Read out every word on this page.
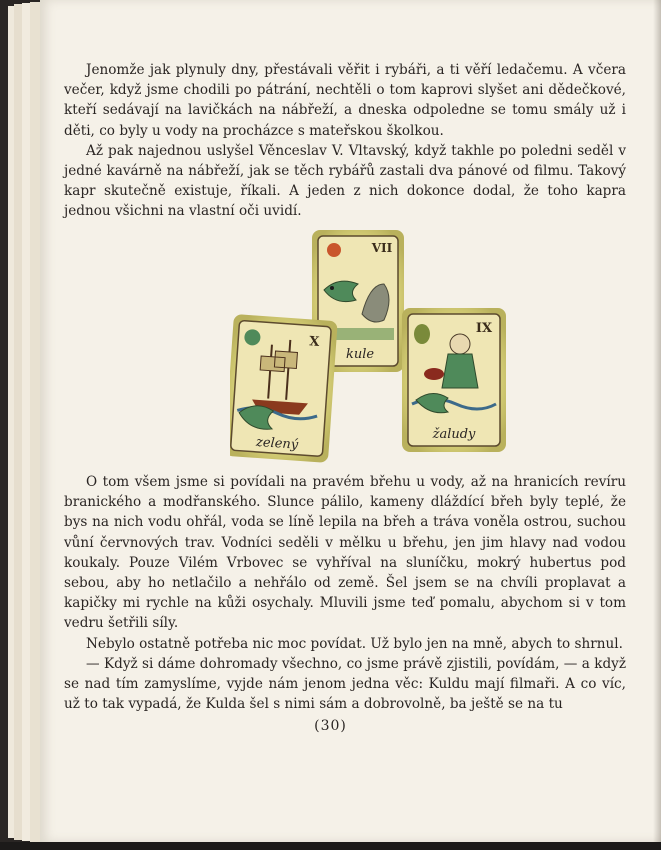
Jenomže jak plynuly dny, přestávali věřit i rybáři, a ti věří ledačemu. A včera večer, když jsme chodili po pátrání, nechtěli o tom kaprovi slyšet ani dědečkové, kteří sedávají na lavičkách na nábřeží, a dneska odpoledne se tomu smály už i děti, co byly u vody na procházce s mateřskou školkou.

Až pak najednou uslyšel Věnceslav V. Vltavský, když takhle po poledni seděl v jedné kavárně na nábřeží, jak se těch rybářů zastali dva pánové od filmu. Takový kapr skutečně existuje, říkali. A jeden z nich dokonce dodal, že toho kapra jednou všichni na vlastní oči uvidí.

VII
kule
X
zelený
IX
žaludy

O tom všem jsme si povídali na pravém břehu u vody, až na hranicích revíru branického a modřanského. Slunce pálilo, kameny dláždící břeh byly teplé, že bys na nich vodu ohřál, voda se líně lepila na břeh a tráva voněla ostrou, suchou vůní červnových trav. Vodníci seděli v mělku u břehu, jen jim hlavy nad vodou koukaly. Pouze Vilém Vrbovec se vyhříval na sluníčku, mokrý hubertus pod sebou, aby ho netlačilo a nehřálo od země. Šel jsem se na chvíli proplavat a kapičky mi rychle na kůži osychaly. Mluvili jsme teď pomalu, abychom si v tom vedru šetřili síly.

Nebylo ostatně potřeba nic moc povídat. Už bylo jen na mně, abych to shrnul.

— Když si dáme dohromady všechno, co jsme právě zjistili, povídám, — a když se nad tím zamyslíme, vyjde nám jenom jedna věc: Kuldu mají filmaři. A co víc, už to tak vypadá, že Kulda šel s nimi sám a dobrovolně, ba ještě se na tu

(30)
